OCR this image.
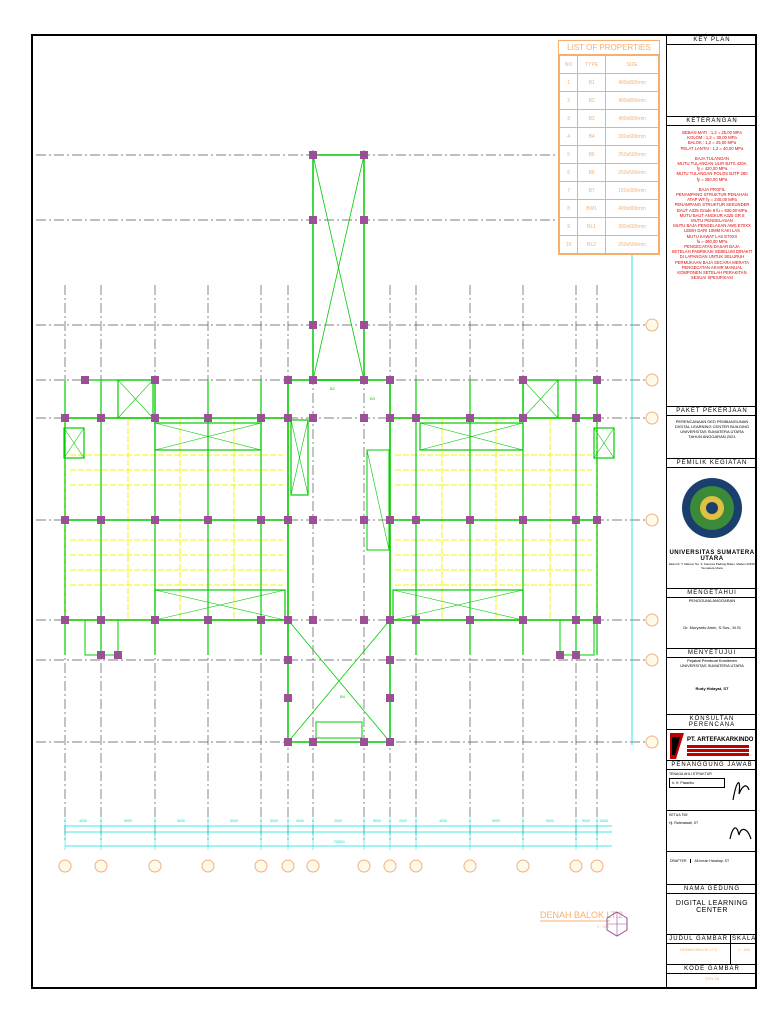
B2
B3
B4
4000	5000	5000	5000	5000	4000	2000	5000	2000	4000	5000	5000	5000	5000
70000
DENAH BALOK LT.2
1 : 200
LIST OF PROPERTIES
NO	TYPE	SIZE
1	B1	400x800mm
2	B2	400x800mm
3	B3	400x800mm
4	B4	300x600mm
5	B5	250x500mm
6	B6	250x500mm
7	B7	150x300mm
8	BW1	400x800mm
9	BL1	300x600mm
10	BL2	250x500mm
KEY PLAN
KETERANGAN
BEBAN MATI : 1,2 = 25,00 MPa
KOLOM : 1,2 = 30,00 MPa
BALOK : 1,2 = 25,00 MPa
PELAT LANTAI : 1,2 = 40,00 MPa
BAJA TULANGAN
MUTU TULANGAN ULIR BJTS 420A
fy = 420,00 MPa
MUTU TULANGAN POLOS BJTP 280
fy = 280,00 MPa
BAJA PROFIL
PENAMPANG STRUKTUR PENAHAN
ATAP WF fy = 240,00 MPa
PENAMPANG STRUKTUR SEKUNDER
BAUT A325 Grade 8 fu = 830,00 MPa
MUTU BAUT ANGKUR A325 GR 8
MUTU PENGELASAN
MUTU BAJA PENGELASAN AWS E70XX
LEBIH DARI 10MM KAKI LAS
MUTU KAWAT LAS E70XX
fu = 490,00 MPa
PENGECATAN DASAR BAJA
SETELAH PABRIKASI SEBELUM DIRAKIT
DI LAPANGAN UNTUK SELURUH
PERMUKAAN BAJA SECARA MERATA
PENGECATAN AKHIR MANUAL
KOMPONEN SETELAH PERAKITAN
SESUAI SPESIFIKASI
PAKET PEKERJAAN
PERENCANAAN DED PEMBANGUNAN
DIGITAL LEARNING CENTER BUILDING
UNIVERSITAS SUMATERA UTARA
TAHUN ANGGARAN 2021
PEMILIK KEGIATAN
UNIVERSITAS SUMATERA UTARA
Jalan Dr. T. Mansur No. 9, Kampus Padang Bulan, Medan 20155, Sumatera Utara
MENGETAHUI
PENGGUNA ANGGARAN
Dr. Muryanto Amin, S.Sos., M.Si
MENYETUJUI
Pejabat Pembuat Komitmen
UNIVERSITAS SUMATERA UTARA
Rudy Hidayat, ST
KONSULTAN PERENCANA
PT. ARTEFAKARKINDO
PENANGGUNG JAWAB
TENAGA AHLI STRUKTUR
Ir. H. Pasaribu
KETUA TIM
Hj. Rahmawati, ST
DRAFTER	Ali Imran Harahap, ST
NAMA GEDUNG
DIGITAL LEARNING CENTER
JUDUL GAMBAR
DENAH BALOK LT.2
SKALA
1 : 200
KODE GAMBAR
STR-03
